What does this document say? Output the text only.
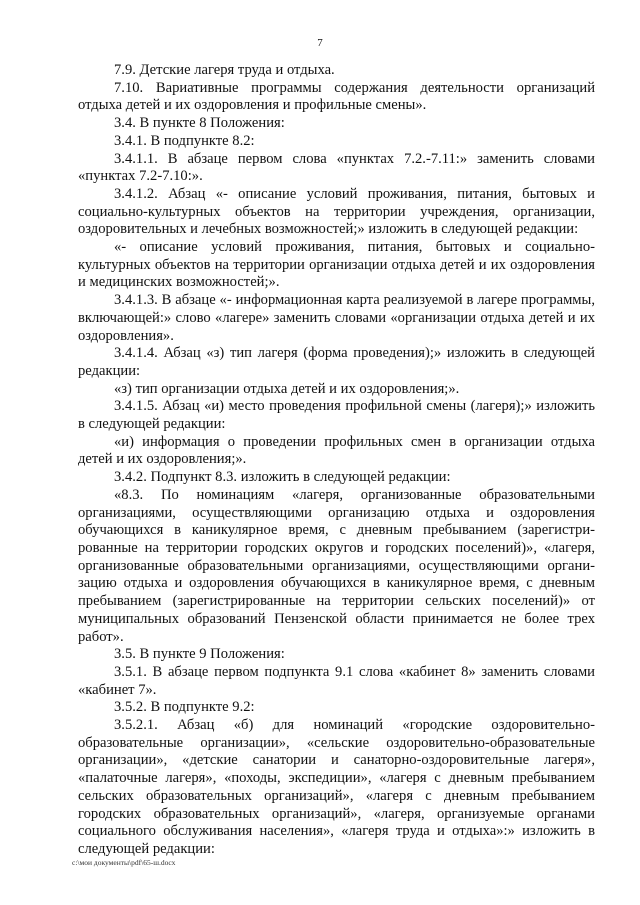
7

7.9. Детские лагеря труда и отдыха.

7.10. Вариативные программы содержания деятельности организаций отдыха детей и их оздоровления и профильные смены».

3.4. В пункте 8 Положения:

3.4.1. В подпункте 8.2:

3.4.1.1. В абзаце первом слова «пунктах 7.2.-7.11:» заменить словами «пунктах 7.2-7.10:».

3.4.1.2. Абзац «- описание условий проживания, питания, бытовых и социально-культурных объектов на территории учреждения, организации, оздоровительных и лечебных возможностей;» изложить в следующей редакции:

«- описание условий проживания, питания, бытовых и социально-культурных объектов на территории организации отдыха детей и их оздоровления и медицинских возможностей;».

3.4.1.3. В абзаце «- информационная карта реализуемой в лагере программы, включающей:» слово «лагере» заменить словами «организации отдыха детей и их оздоровления».

3.4.1.4. Абзац «з) тип лагеря (форма проведения);» изложить в следующей редакции:

«з) тип организации отдыха детей и их оздоровления;».

3.4.1.5. Абзац «и) место проведения профильной смены (лагеря);» изложить в следующей редакции:

«и) информация о проведении профильных смен в организации отдыха детей и их оздоровления;».

3.4.2. Подпункт 8.3. изложить в следующей редакции:

«8.3. По номинациям «лагеря, организованные образовательными организациями, осуществляющими организацию отдыха и оздоровления обучающихся в каникулярное время, с дневным пребыванием (зарегистри-рованные на территории городских округов и городских поселений)», «лагеря, организованные образовательными организациями, осуществляющими органи-зацию отдыха и оздоровления обучающихся в каникулярное время, с дневным пребыванием (зарегистрированные на территории сельских поселений)» от муниципальных образований Пензенской области принимается не более трех работ».

3.5. В пункте 9 Положения:

3.5.1. В абзаце первом подпункта 9.1 слова «кабинет 8» заменить словами «кабинет 7».

3.5.2. В подпункте 9.2:

3.5.2.1. Абзац «б) для номинаций «городские оздоровительно-образовательные организации», «сельские оздоровительно-образовательные организации», «детские санатории и санаторно-оздоровительные лагеря», «палаточные лагеря», «походы, экспедиции», «лагеря с дневным пребыванием сельских образовательных организаций», «лагеря с дневным пребыванием городских образовательных организаций», «лагеря, организуемые органами социального обслуживания населения», «лагеря труда и отдыха»:» изложить в следующей редакции:

c:\мои документы\pdf\65-ш.docx
